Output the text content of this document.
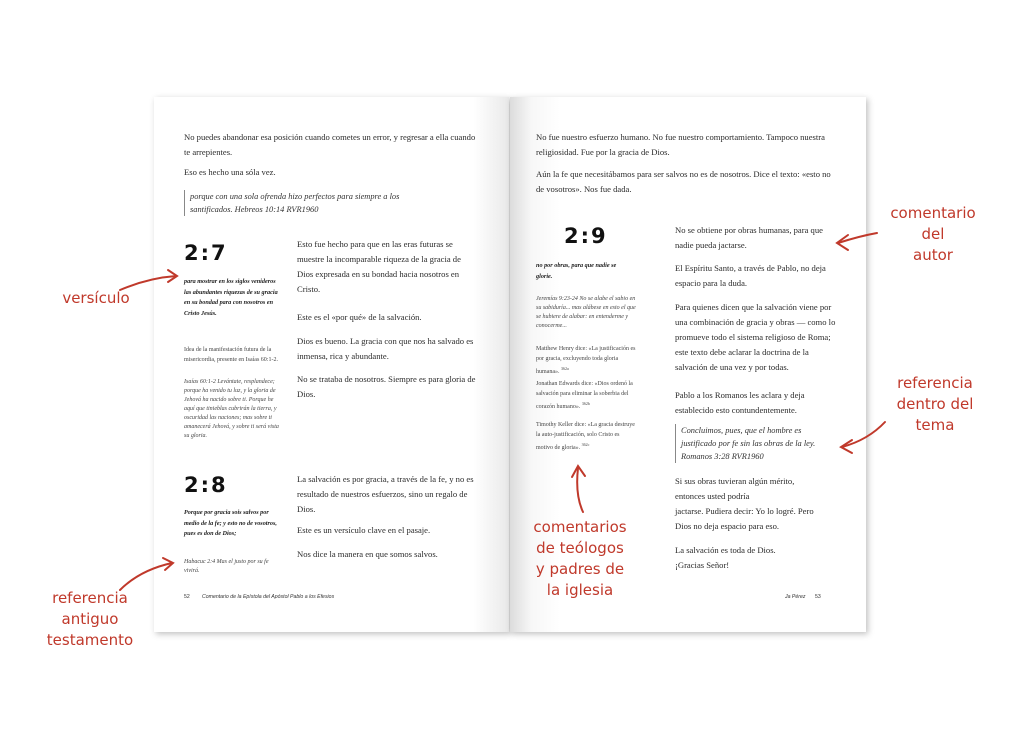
No puedes abandonar esa posición cuando cometes un error, y regresar a ella cuando te arrepientes.
Eso es hecho una sóla vez.
porque con una sola ofrenda hizo perfectos para siempre a los santificados. Hebreos 10:14 RVR1960
2:7
para mostrar en los siglos venideros las abundantes riquezas de su gracia en su bondad para con nosotros en Cristo Jesús.
Idea de la manifestación futura de la misericordia, presente en Isaías 60:1-2.
Isaías 60:1-2 Levántate, resplandece; porque ha venido tu luz, y la gloria de Jehová ha nacido sobre ti. Porque he aquí que tinieblas cubrirán la tierra, y oscuridad las naciones; mas sobre ti amanecerá Jehová, y sobre ti será vista su gloria.
Esto fue hecho para que en las eras futuras se muestre la incomparable riqueza de la gracia de Dios expresada en su bondad hacia nosotros en Cristo.
Este es el «por qué» de la salvación.
Dios es bueno. La gracia con que nos ha salvado es inmensa, rica y abundante.
No se trataba de nosotros. Siempre es para gloria de Dios.
2:8
Porque por gracia sois salvos por medio de la fe; y esto no de vosotros, pues es don de Dios;
Habacuc 2:4 Mas el justo por su fe vivirá.
La salvación es por gracia, a través de la fe, y no es resultado de nuestros esfuerzos, sino un regalo de Dios.
Este es un versículo clave en el pasaje.
Nos dice la manera en que somos salvos.
52 Comentario de la Epístola del Apóstol Pablo a los Efesios
No fue nuestro esfuerzo humano. No fue nuestro comportamiento. Tampoco nuestra religiosidad. Fue por la gracia de Dios.
Aún la fe que necesitábamos para ser salvos no es de nosotros. Dice el texto: «esto no de vosotros». Nos fue dada.
2:9
no por obras, para que nadie se glorie.
Jeremías 9:23-24 No se alabe el sabio en su sabiduría... mas alábese en esto el que se hubiere de alabar: en entenderme y conocerme...
Matthew Henry dice: «La justificación es por gracia, excluyendo toda gloria humana». $^{362a}$
Jonathan Edwards dice: «Dios ordenó la salvación para eliminar la soberbia del corazón humano». $^{362b}$
Timothy Keller dice: «La gracia destruye la auto-justificación, solo Cristo es motivo de gloria». $^{362c}$
No se obtiene por obras humanas, para que nadie pueda jactarse.
El Espíritu Santo, a través de Pablo, no deja espacio para la duda.
Para quienes dicen que la salvación viene por una combinación de gracia y obras — como lo promueve todo el sistema religioso de Roma; este texto debe aclarar la doctrina de la salvación de una vez y por todas.
Pablo a los Romanos les aclara y deja establecido esto contundentemente.
Concluimos, pues, que el hombre es justificado por fe sin las obras de la ley. Romanos 3:28 RVR1960
Si sus obras tuvieran algún mérito, entonces usted podría
jactarse. Pudiera decir: Yo lo logré. Pero Dios no deja espacio para eso.
La salvación es toda de Dios.
¡Gracias Señor!
Ja Pérez 53
versículo
referencia
antiguo
testamento
comentarios
de teólogos
y padres de
la iglesia
comentario
del
autor
referencia
dentro del
tema
